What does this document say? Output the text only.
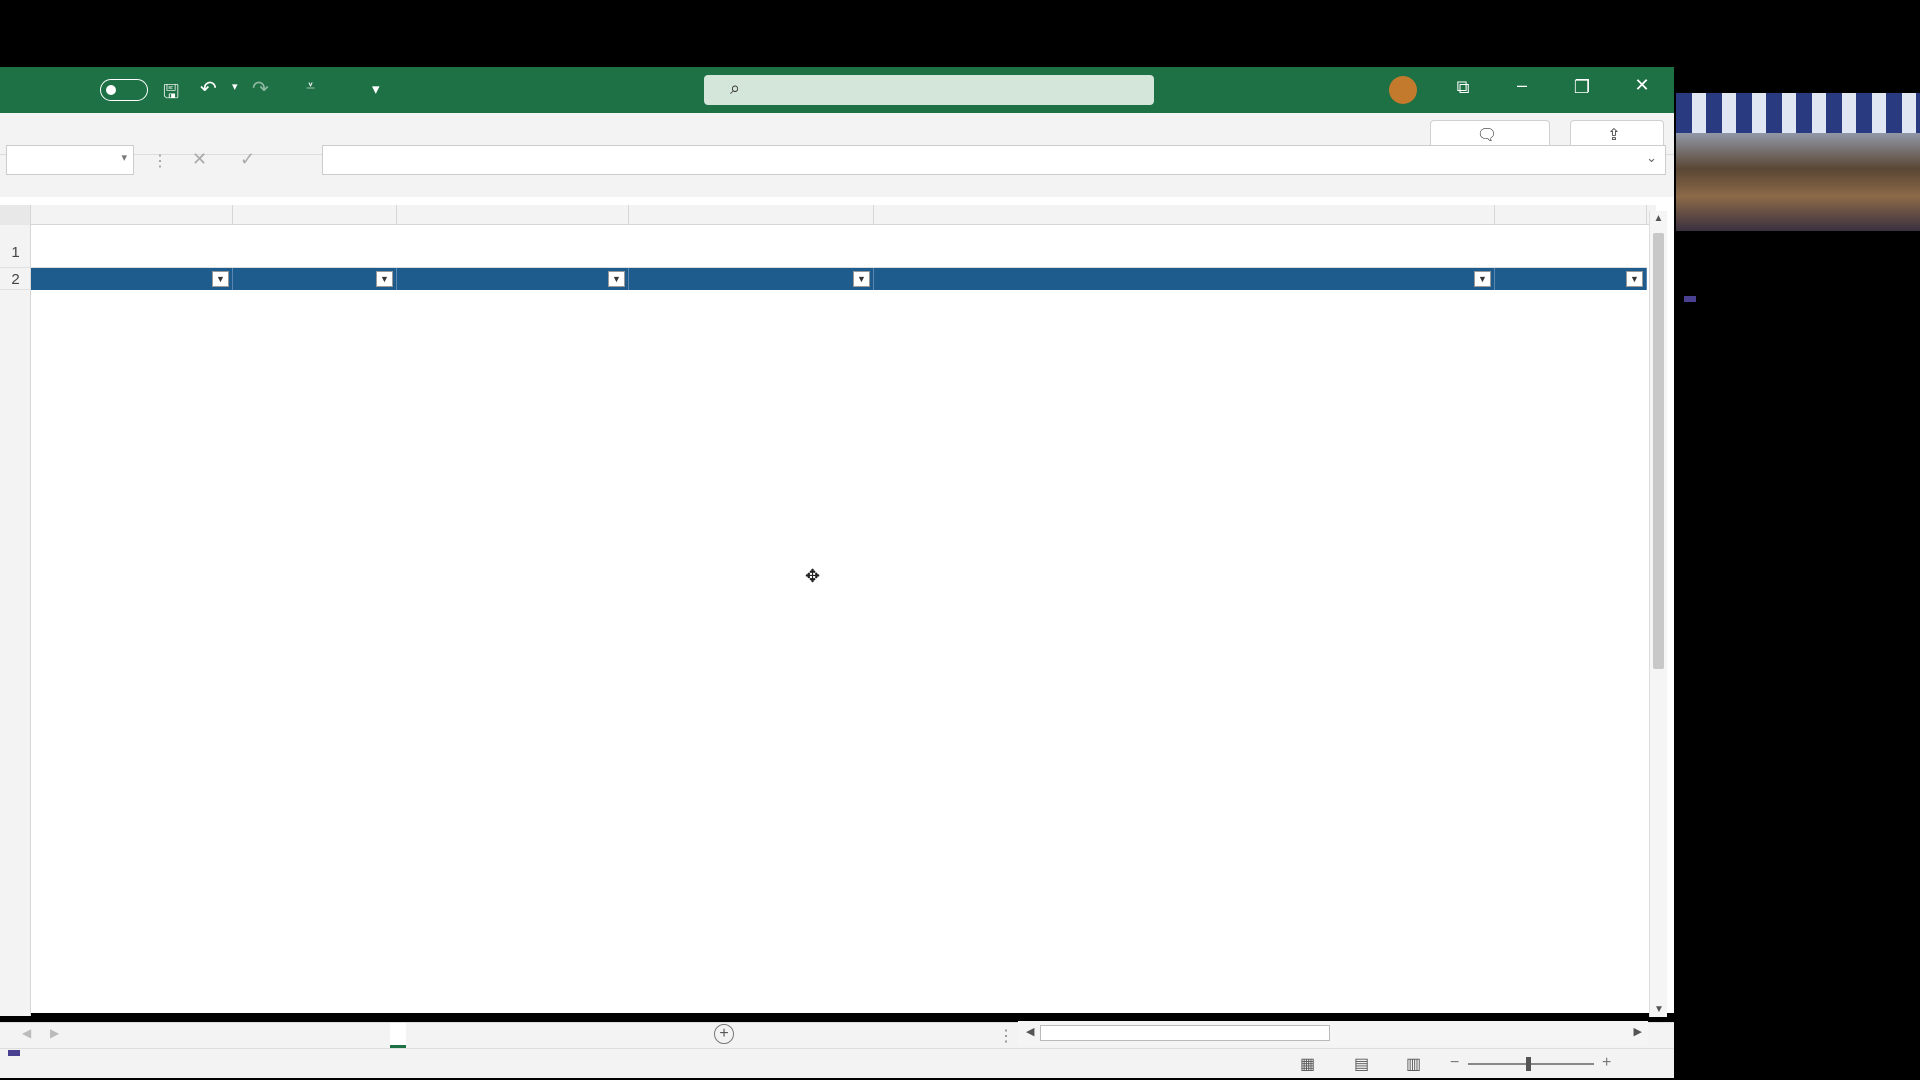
🖫 ↶ ▾ ↷ ⩡	▾	⌕	⧉	–	❐	✕
🗨	⇪
▾ ⋮ ✕ ✓	⌄
1
2	▼	▼	▼	▼	▼	▼
✥
▲
▼
◀ ▶	+	⋮ ◀	▶
▦ ▤ ▥ −	+
